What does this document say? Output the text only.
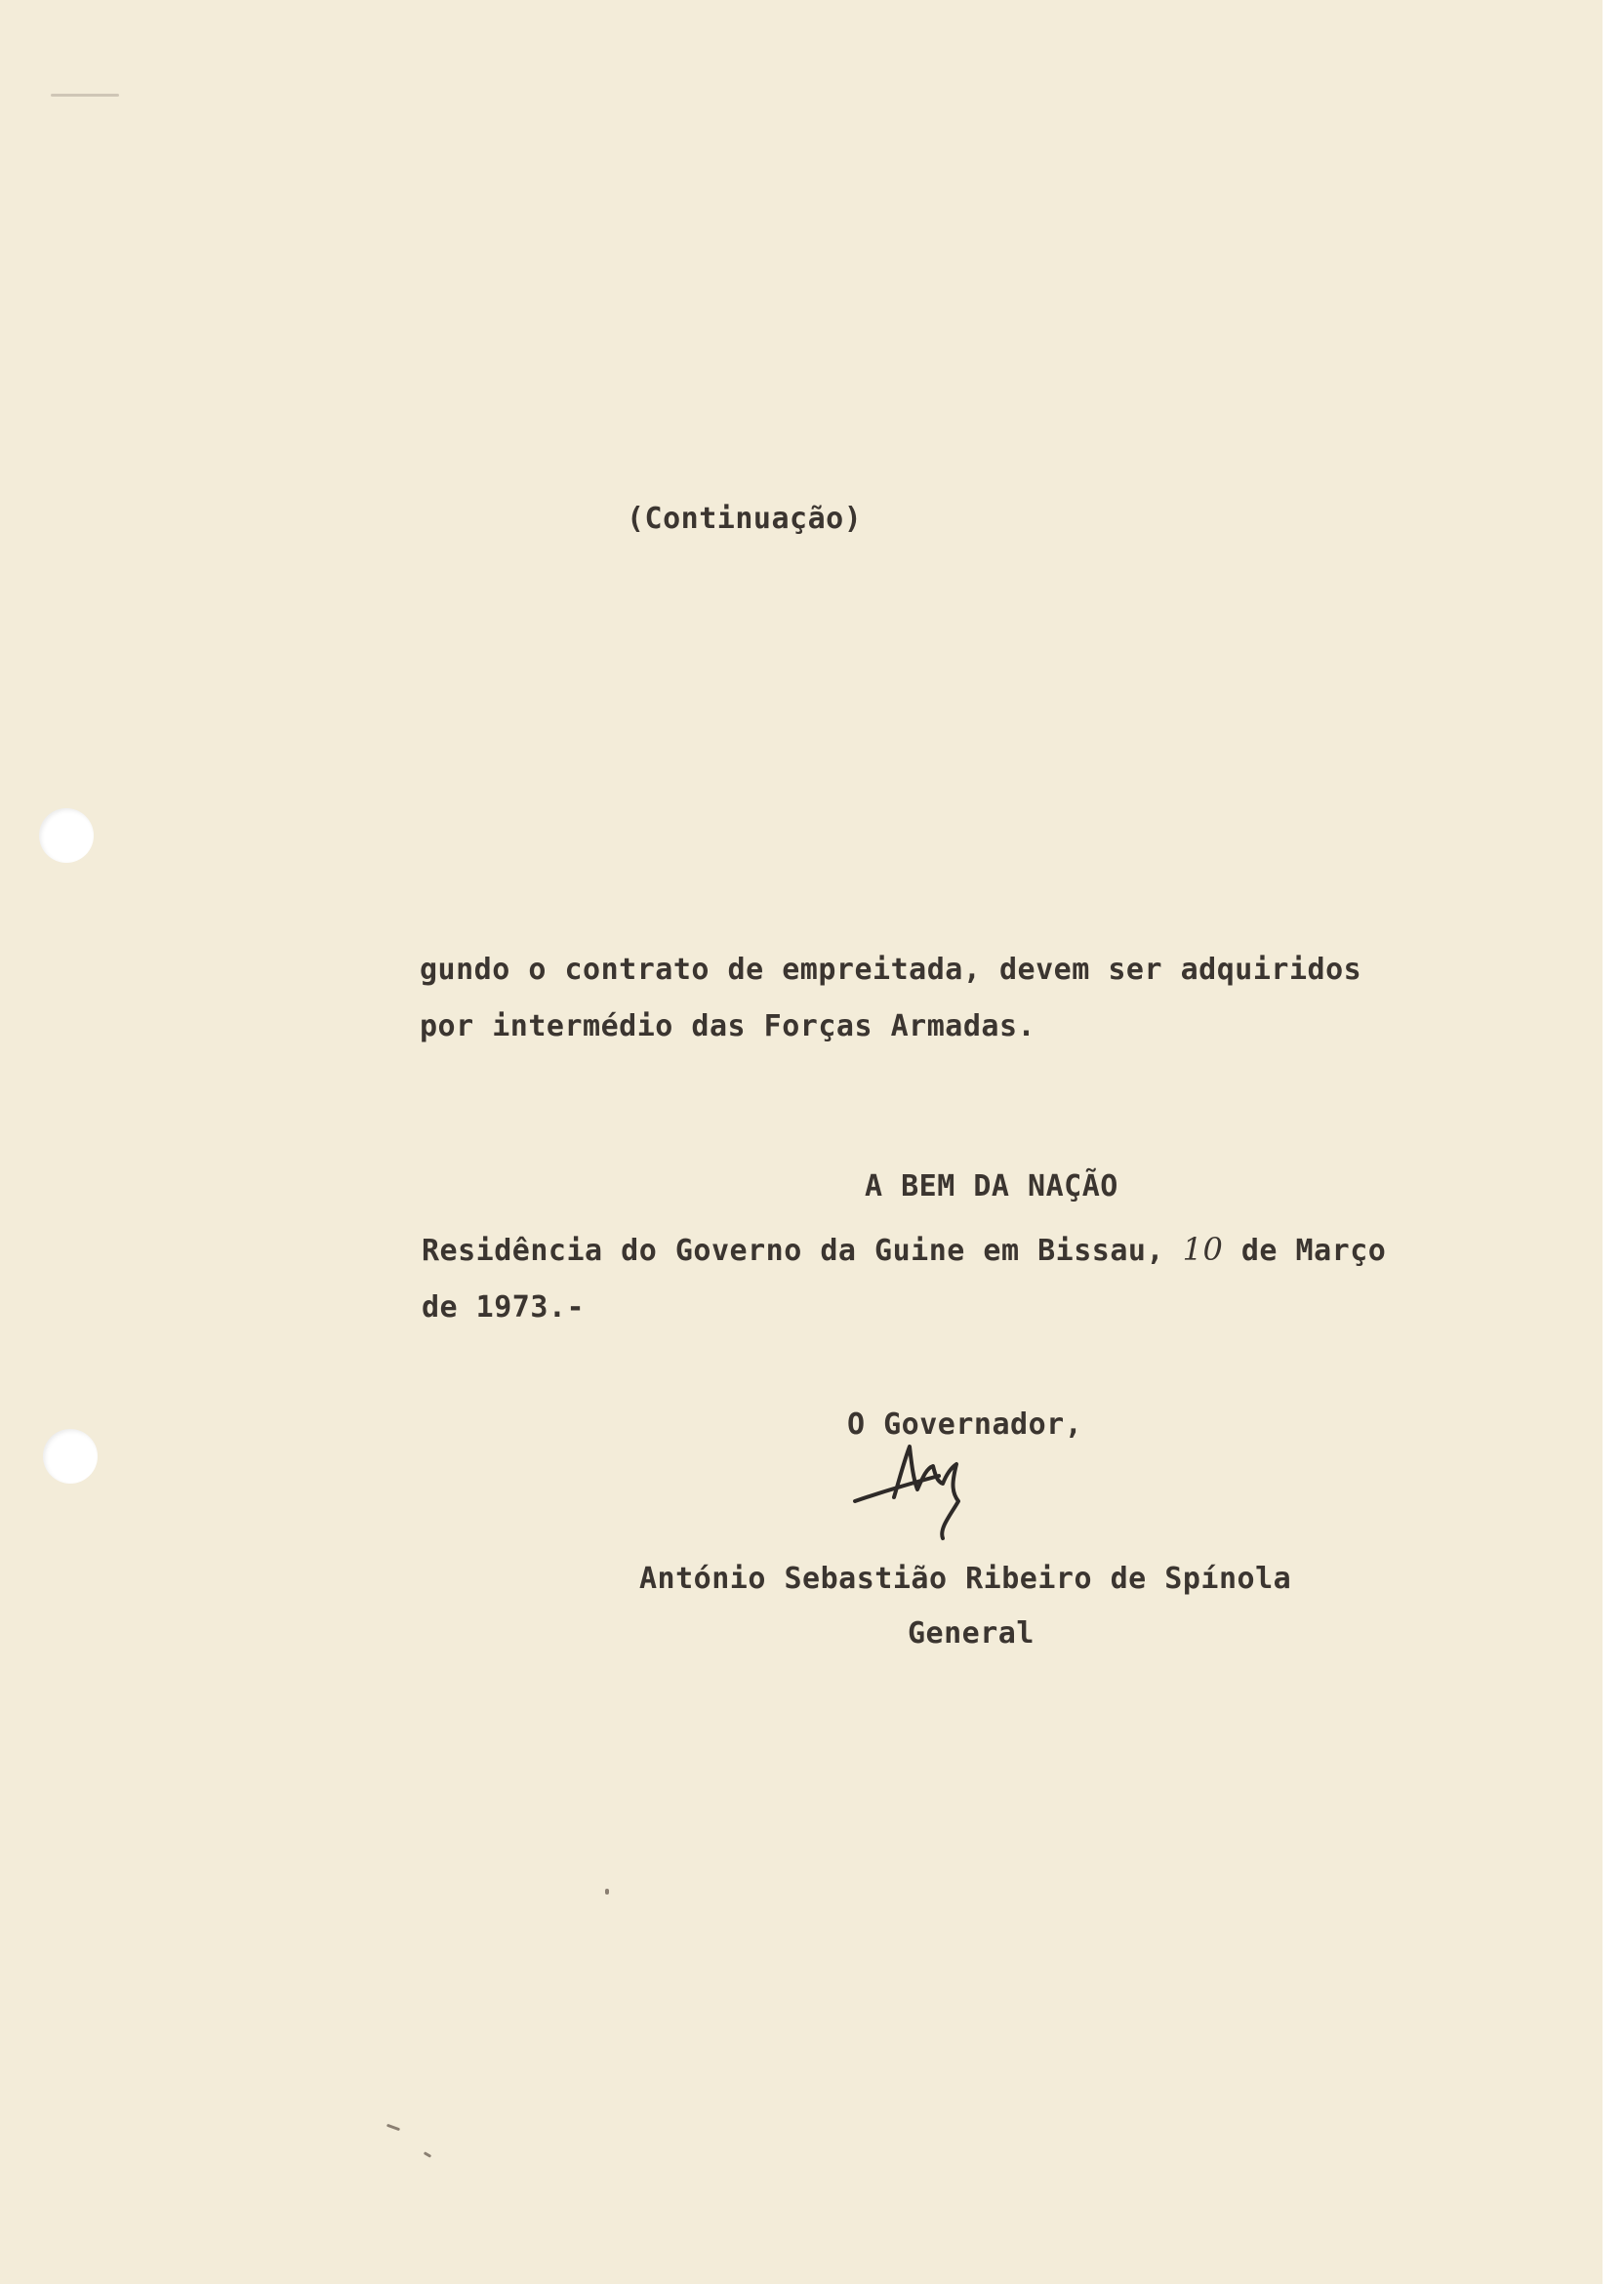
(Continuação)
gundo o contrato de empreitada, devem ser adquiridos
por intermédio das Forças Armadas.
A BEM DA NAÇÃO
Residência do Governo da Guine em Bissau, 10 de Março
de 1973.-
O Governador,
António Sebastião Ribeiro de Spínola
General
